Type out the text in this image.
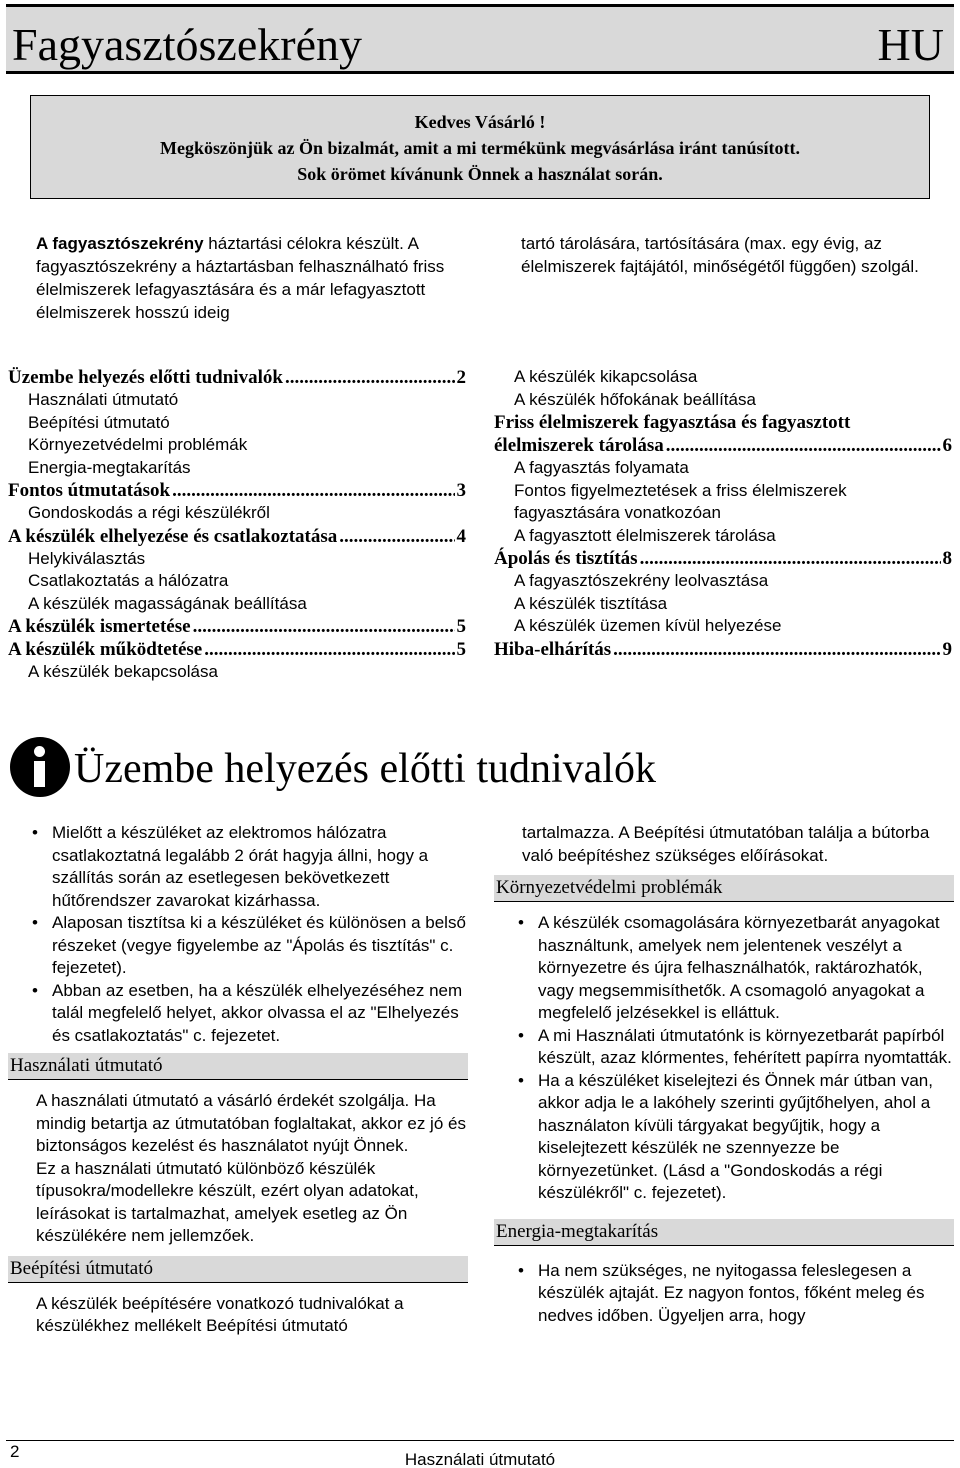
Fagyasztószekrény	HU
Kedves Vásárló !
Megköszönjük az Ön bizalmát, amit a mi termékünk megvásárlása iránt tanúsított.
Sok örömet kívánunk Önnek a használat során.
A fagyasztószekrény háztartási célokra készült. A fagyasztószekrény a háztartásban felhasználható friss élelmiszerek lefagyasztására és a már lefagyasztott élelmiszerek hosszú ideig
tartó tárolására, tartósítására (max. egy évig, az élelmiszerek fajtájától, minőségétől függően) szolgál.
Üzembe helyezés előtti tudnivalók .....	2
Használati útmutató
Beépítési útmutató
Környezetvédelmi problémák
Energia-megtakarítás
Fontos útmutatások .....	3
Gondoskodás a régi készülékről
A készülék elhelyezése és csatlakoztatása .....	4
Helykiválasztás
Csatlakoztatás a hálózatra
A készülék magasságának beállítása
A készülék ismertetése .....	5
A készülék működtetése .....	5
A készülék bekapcsolása
A készülék kikapcsolása
A készülék hőfokának beállítása
Friss élelmiszerek fagyasztása és fagyasztott
élelmiszerek tárolása .....	6
A fagyasztás folyamata
Fontos figyelmeztetések a friss élelmiszerek fagyasztására vonatkozóan
A fagyasztott élelmiszerek tárolása
Ápolás és tisztítás .....	8
A fagyasztószekrény leolvasztása
A készülék tisztítása
A készülék üzemen kívül helyezése
Hiba-elhárítás .....	9
Üzembe helyezés előtti tudnivalók
• Mielőtt a készüléket az elektromos hálózatra csatlakoztatná legalább 2 órát hagyja állni, hogy a szállítás során az esetlegesen bekövetkezett hűtőrendszer zavarokat kizárhassa.
• Alaposan tisztítsa ki a készüléket és különösen a belső részeket (vegye figyelembe az "Ápolás és tisztítás" c. fejezetet).
• Abban az esetben, ha a készülék elhelyezéséhez nem talál megfelelő helyet, akkor olvassa el az "Elhelyezés és csatlakoztatás" c. fejezetet.
Használati útmutató
A használati útmutató a vásárló érdekét szolgálja. Ha mindig betartja az útmutatóban foglaltakat, akkor ez jó és biztonságos kezelést és használatot nyújt Önnek.
Ez a használati útmutató különböző készülék típusokra/modellekre készült, ezért olyan adatokat, leírásokat is tartalmazhat, amelyek esetleg az Ön készülékére nem jellemzőek.
Beépítési útmutató
A készülék beépítésére vonatkozó tudnivalókat a készülékhez mellékelt Beépítési útmutató
tartalmazza. A Beépítési útmutatóban találja a bútorba való beépítéshez szükséges előírásokat.
Környezetvédelmi problémák
• A készülék csomagolására környezetbarát anyagokat használtunk, amelyek nem jelentenek veszélyt a környezetre és újra felhasználhatók, raktározhatók, vagy megsemmisíthetők. A csomagoló anyagokat a megfelelő jelzésekkel is elláttuk.
• A mi Használati útmutatónk is környezetbarát papírból készült, azaz klórmentes, fehérített papírra nyomtatták.
• Ha a készüléket kiselejtezi és Önnek már útban van, akkor adja le a lakóhely szerinti gyűjtőhelyen, ahol a használaton kívüli tárgyakat begyűjtik, hogy a kiselejtezett készülék ne szennyezze be környezetünket. (Lásd a "Gondoskodás a régi készülékről" c. fejezetet).
Energia-megtakarítás
• Ha nem szükséges, ne nyitogassa feleslegesen a készülék ajtaját. Ez nagyon fontos, főként meleg és nedves időben. Ügyeljen arra, hogy
2	Használati útmutató
